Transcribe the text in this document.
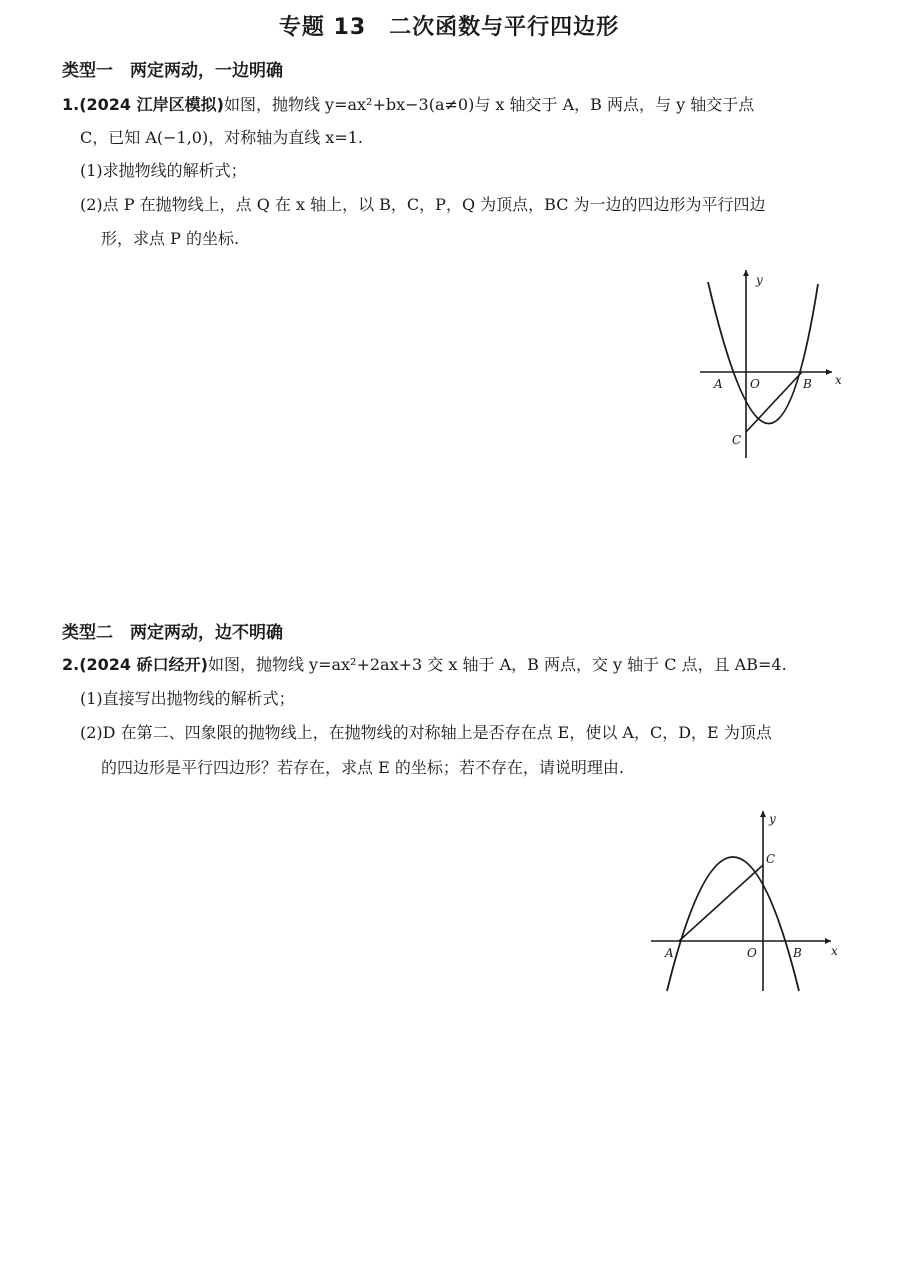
专题 13　二次函数与平行四边形
类型一　两定两动，一边明确
1.(2024 江岸区模拟)如图，抛物线 y=ax²+bx−3(a≠0)与 x 轴交于 A，B 两点，与 y 轴交于点
C，已知 A(−1,0)，对称轴为直线 x=1.
(1)求抛物线的解析式；
(2)点 P 在抛物线上，点 Q 在 x 轴上，以 B，C，P，Q 为顶点，BC 为一边的四边形为平行四边
形，求点 P 的坐标.
y
x
A O	B
C
类型二　两定两动，边不明确
2.(2024 硚口经开)如图，抛物线 y=ax²+2ax+3 交 x 轴于 A，B 两点，交 y 轴于 C 点，且 AB=4.
(1)直接写出抛物线的解析式；
(2)D 在第二、四象限的抛物线上，在抛物线的对称轴上是否存在点 E，使以 A，C，D，E 为顶点
的四边形是平行四边形？若存在，求点 E 的坐标；若不存在，请说明理由.
y
x
A	O	B
C
